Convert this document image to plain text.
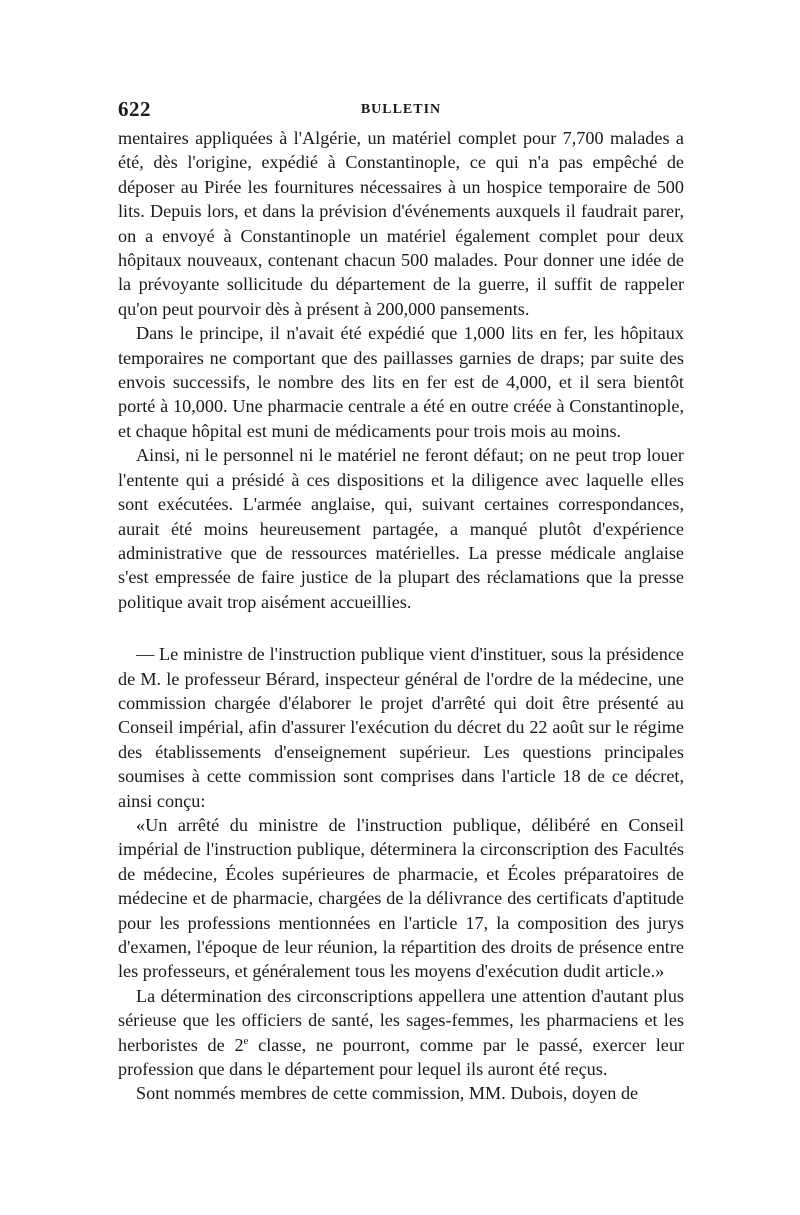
622	BULLETIN

mentaires appliquées à l'Algérie, un matériel complet pour 7,700 malades a été, dès l'origine, expédié à Constantinople, ce qui n'a pas empêché de déposer au Pirée les fournitures nécessaires à un hospice temporaire de 500 lits. Depuis lors, et dans la prévision d'événements auxquels il faudrait parer, on a envoyé à Constantinople un matériel également complet pour deux hôpitaux nouveaux, contenant chacun 500 malades. Pour donner une idée de la prévoyante sollicitude du département de la guerre, il suffit de rappeler qu'on peut pourvoir dès à présent à 200,000 pansements.

Dans le principe, il n'avait été expédié que 1,000 lits en fer, les hôpitaux temporaires ne comportant que des paillasses garnies de draps; par suite des envois successifs, le nombre des lits en fer est de 4,000, et il sera bientôt porté à 10,000. Une pharmacie centrale a été en outre créée à Constantinople, et chaque hôpital est muni de médicaments pour trois mois au moins.

Ainsi, ni le personnel ni le matériel ne feront défaut; on ne peut trop louer l'entente qui a présidé à ces dispositions et la diligence avec laquelle elles sont exécutées. L'armée anglaise, qui, suivant certaines correspondances, aurait été moins heureusement partagée, a manqué plutôt d'expérience administrative que de ressources matérielles. La presse médicale anglaise s'est empressée de faire justice de la plupart des réclamations que la presse politique avait trop aisément accueillies.

— Le ministre de l'instruction publique vient d'instituer, sous la présidence de M. le professeur Bérard, inspecteur général de l'ordre de la médecine, une commission chargée d'élaborer le projet d'arrêté qui doit être présenté au Conseil impérial, afin d'assurer l'exécution du décret du 22 août sur le régime des établissements d'enseignement supérieur. Les questions principales soumises à cette commission sont comprises dans l'article 18 de ce décret, ainsi conçu:

«Un arrêté du ministre de l'instruction publique, délibéré en Conseil impérial de l'instruction publique, déterminera la circonscription des Facultés de médecine, Écoles supérieures de pharmacie, et Écoles préparatoires de médecine et de pharmacie, chargées de la délivrance des certificats d'aptitude pour les professions mentionnées en l'article 17, la composition des jurys d'examen, l'époque de leur réunion, la répartition des droits de présence entre les professeurs, et généralement tous les moyens d'exécution dudit article.»

La détermination des circonscriptions appellera une attention d'autant plus sérieuse que les officiers de santé, les sages-femmes, les pharmaciens et les herboristes de 2e classe, ne pourront, comme par le passé, exercer leur profession que dans le département pour lequel ils auront été reçus.

Sont nommés membres de cette commission, MM. Dubois, doyen de
